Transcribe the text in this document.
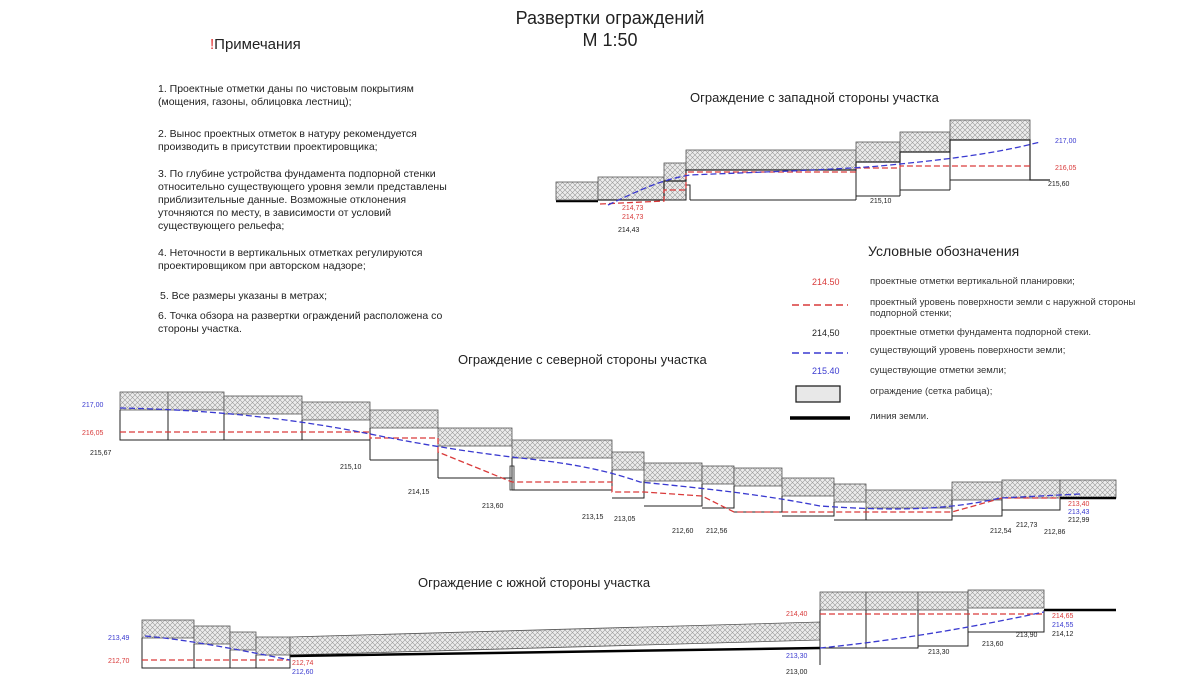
Развертки ограждений
М 1:50
!Примечания
1. Проектные отметки даны по чистовым покрытиям (мощения, газоны, облицовка лестниц);
2. Вынос проектных отметок в натуру рекомендуется производить в присутствии проектировщика;
3. По глубине устройства фундамента подпорной стенки относительно существующего уровня земли представлены приблизительные данные. Возможные отклонения уточняются по месту, в зависимости от условий существующего рельефа;
4. Неточности в вертикальных отметках регулируются проектировщиком при авторском надзоре;
5. Все размеры указаны в метрах;
6. Точка обзора на развертки ограждений расположена со стороны участка.
Условные обозначения
214.50	проектные отметки вертикальной планировки;
проектный уровень поверхности земли с наружной стороны подпорной стенки;
214,50	проектные отметки фундамента подпорной стеки.
существующий уровень поверхности земли;
215.40	существующие отметки земли;
ограждение (сетка рабица);
линия земли.
Ограждение с западной стороны участка
Ограждение с северной стороны участка
Ограждение с южной стороны участка
217,00
216,05
215,60
214,73
214,73
214,43
215,10
217,00
216,05
215,67
215,10
214,15
213,60
213,15 213,05
212,60 212,56	212,54
212,73
212,86
212,99
213,40
213,43
213,49
212,70	212,74
212,60
213,30
213,00
214,40
213,30
213,60
213,90
214,65
214,55
214,12
